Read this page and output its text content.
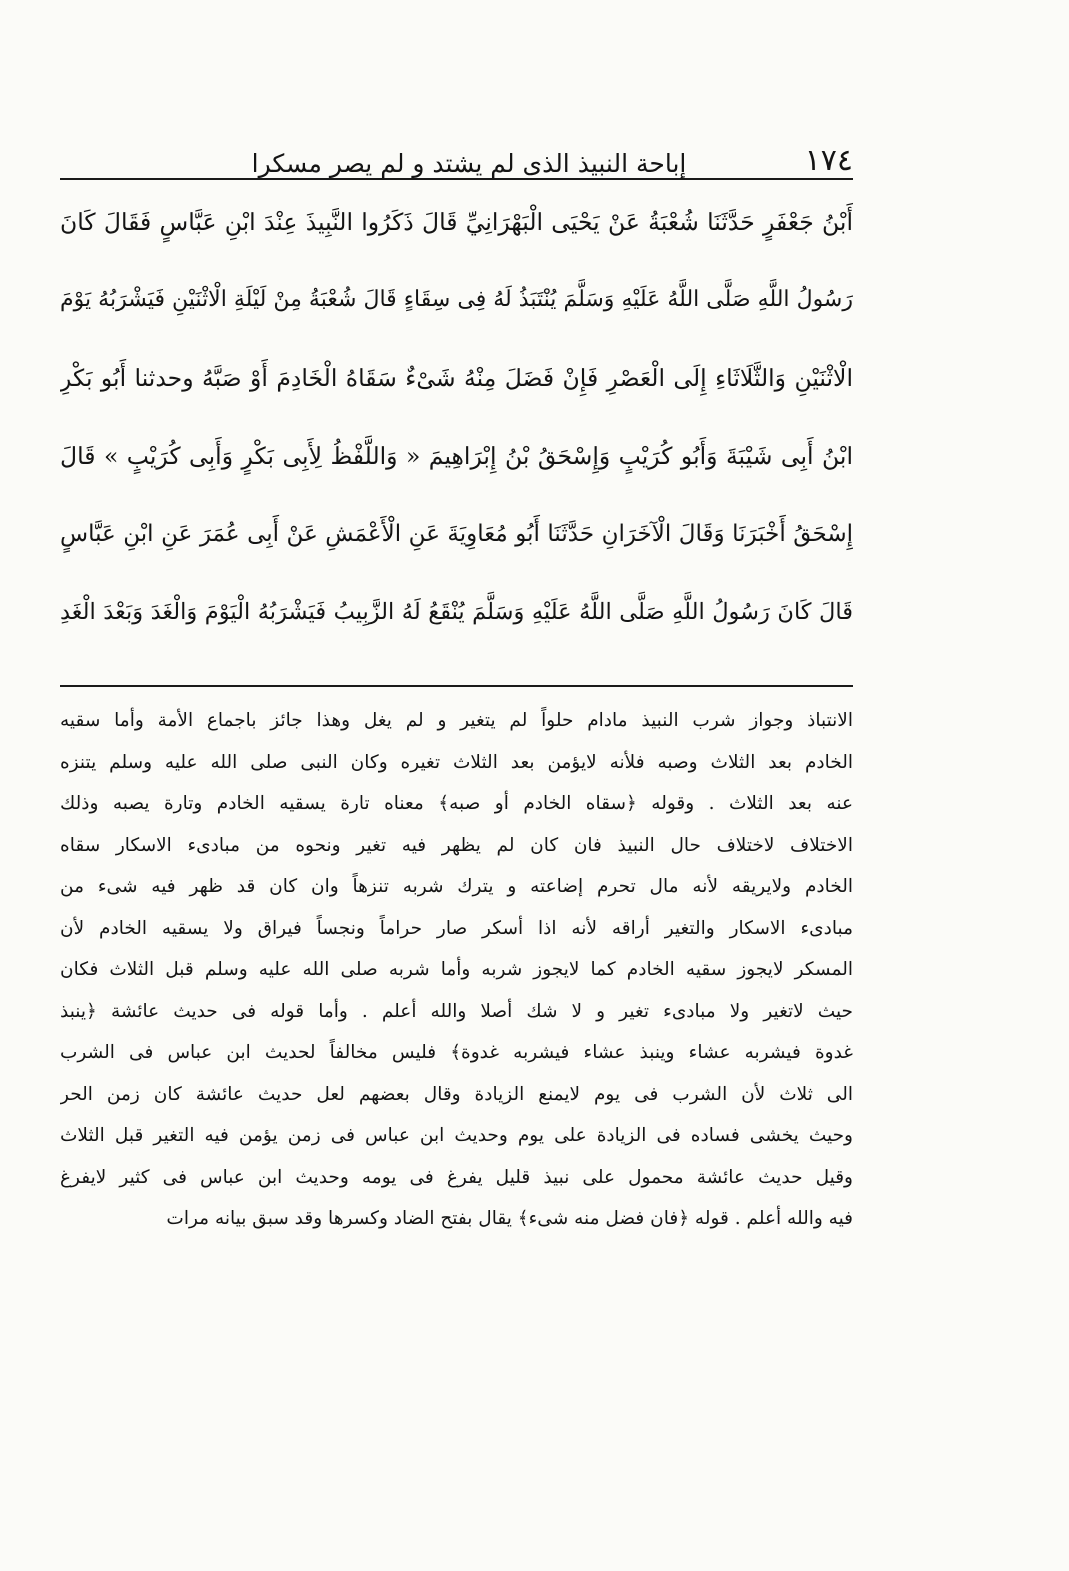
١٧٤
إباحة النبيذ الذى لم يشتد و لم يصر مسكرا
أَبْنُ جَعْفَرٍ حَدَّثَنَا شُعْبَةُ عَنْ يَحْيَى الْبَهْرَانِيِّ قَالَ ذَكَرُوا النَّبِيذَ عِنْدَ ابْنِ عَبَّاسٍ فَقَالَ كَانَ
رَسُولُ اللَّهِ صَلَّى اللَّهُ عَلَيْهِ وَسَلَّمَ يُنْتَبَذُ لَهُ فِى سِقَاءٍ قَالَ شُعْبَةُ مِنْ لَيْلَةِ الْاثْنَيْنِ فَيَشْرَبُهُ يَوْمَ
الْاثْنَيْنِ وَالثَّلَاثَاءِ إِلَى الْعَصْرِ فَإِنْ فَضَلَ مِنْهُ شَىْءٌ سَقَاهُ الْخَادِمَ أَوْ صَبَّهُ وحدثنا أَبُو بَكْرِ
ابْنُ أَبِى شَيْبَةَ وَأَبُو كُرَيْبٍ وَإِسْحَقُ بْنُ إِبْرَاهِيمَ « وَاللَّفْظُ لِأَبِى بَكْرٍ وَأَبِى كُرَيْبٍ » قَالَ
إِسْحَقُ أَخْبَرَنَا وَقَالَ الْآخَرَانِ حَدَّثَنَا أَبُو مُعَاوِيَةَ عَنِ الْأَعْمَشِ عَنْ أَبِى عُمَرَ عَنِ ابْنِ عَبَّاسٍ
قَالَ كَانَ رَسُولُ اللَّهِ صَلَّى اللَّهُ عَلَيْهِ وَسَلَّمَ يُنْقَعُ لَهُ الزَّبِيبُ فَيَشْرَبُهُ الْيَوْمَ وَالْغَدَ وَبَعْدَ الْغَدِ
الانتباذ وجواز شرب النبيذ مادام حلواً لم يتغير و لم يغل وهذا جائز باجماع الأمة وأما سقيه
الخادم بعد الثلاث وصبه فلأنه لايؤمن بعد الثلاث تغيره وكان النبى صلى الله عليه وسلم يتنزه
عنه بعد الثلاث . وقوله ﴿سقاه الخادم أو صبه﴾ معناه تارة يسقيه الخادم وتارة يصبه وذلك
الاختلاف لاختلاف حال النبيذ فان كان لم يظهر فيه تغير ونحوه من مبادىء الاسكار سقاه
الخادم ولايريقه لأنه مال تحرم إضاعته و يترك شربه تنزهاً وان كان قد ظهر فيه شىء من
مبادىء الاسكار والتغير أراقه لأنه اذا أسكر صار حراماً ونجساً فيراق ولا يسقيه الخادم لأن
المسكر لايجوز سقيه الخادم كما لايجوز شربه وأما شربه صلى الله عليه وسلم قبل الثلاث فكان
حيث لاتغير ولا مبادىء تغير و لا شك أصلا والله أعلم . وأما قوله فى حديث عائشة ﴿ينبذ
غدوة فيشربه عشاء وينبذ عشاء فيشربه غدوة﴾ فليس مخالفاً لحديث ابن عباس فى الشرب
الى ثلاث لأن الشرب فى يوم لايمنع الزيادة وقال بعضهم لعل حديث عائشة كان زمن الحر
وحيث يخشى فساده فى الزيادة على يوم وحديث ابن عباس فى زمن يؤمن فيه التغير قبل الثلاث
وقيل حديث عائشة محمول على نبيذ قليل يفرغ فى يومه وحديث ابن عباس فى كثير لايفرغ
فيه والله أعلم . قوله ﴿فان فضل منه شىء﴾ يقال بفتح الضاد وكسرها وقد سبق بيانه مرات
